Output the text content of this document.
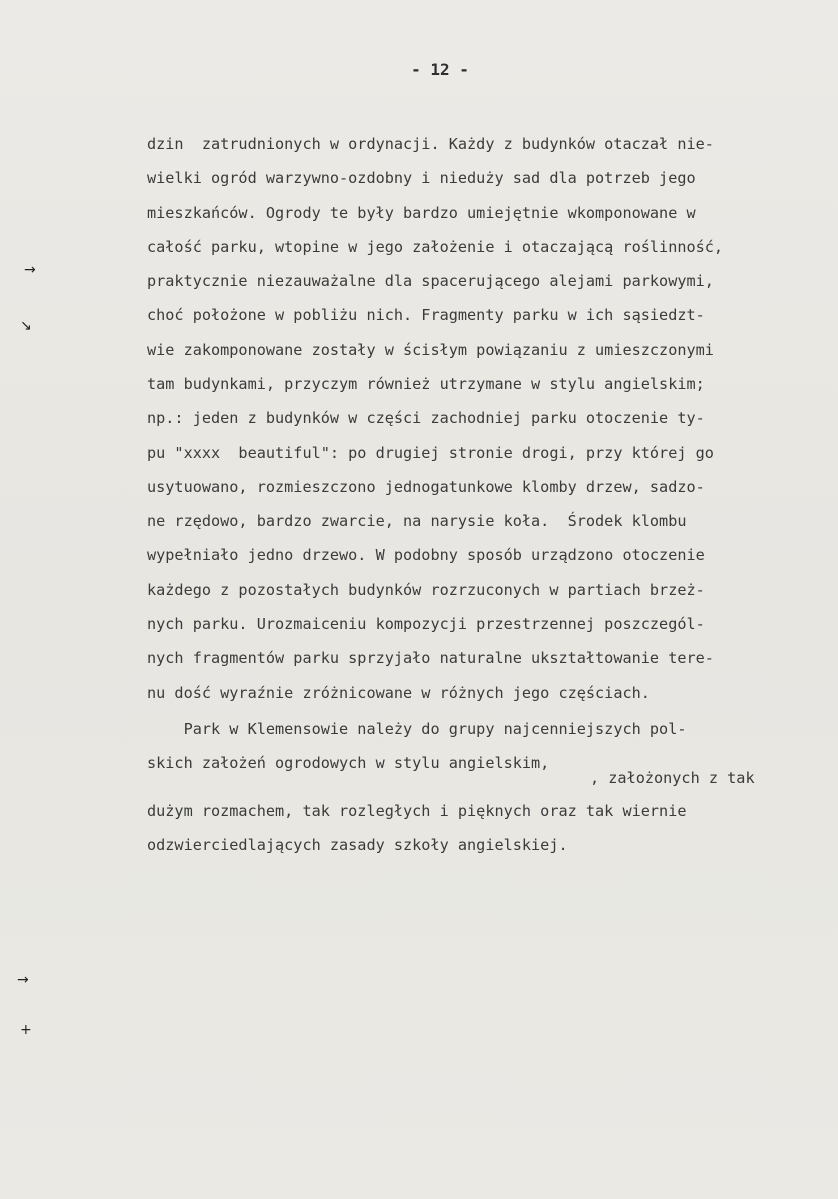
- 12 -
dzin  zatrudnionych w ordynacji. Każdy z budynków otaczał nie-
wielki ogród warzywno-ozdobny i nieduży sad dla potrzeb jego
mieszkańców. Ogrody te były bardzo umiejętnie wkomponowane w
całość parku, wtopine w jego założenie i otaczającą roślinność,
praktycznie niezauważalne dla spacerującego alejami parkowymi,
choć położone w pobliżu nich. Fragmenty parku w ich sąsiedzt-
wie zakomponowane zostały w ścisłym powiązaniu z umieszczonymi
tam budynkami, przyczym również utrzymane w stylu angielskim;
np.: jeden z budynków w części zachodniej parku otoczenie ty-
pu "xxxx  beautiful": po drugiej stronie drogi, przy której go
usytuowano, rozmieszczono jednogatunkowe klomby drzew, sadzo-
ne rzędowo, bardzo zwarcie, na narysie koła.  Środek klombu
wypełniało jedno drzewo. W podobny sposób urządzono otoczenie
każdego z pozostałych budynków rozrzuconych w partiach brzeż-
nych parku. Urozmaiceniu kompozycji przestrzennej poszczegól-
nych fragmentów parku sprzyjało naturalne ukształtowanie tere-
nu dość wyraźnie zróżnicowane w różnych jego częściach.
Park w Klemensowie należy do grupy najcenniejszych pol-
skich założeń ogrodowych w stylu angielskim,
, założonych z tak
dużym rozmachem, tak rozległych i pięknych oraz tak wiernie
odzwierciedlających zasady szkoły angielskiej.
→
↘
→
+
